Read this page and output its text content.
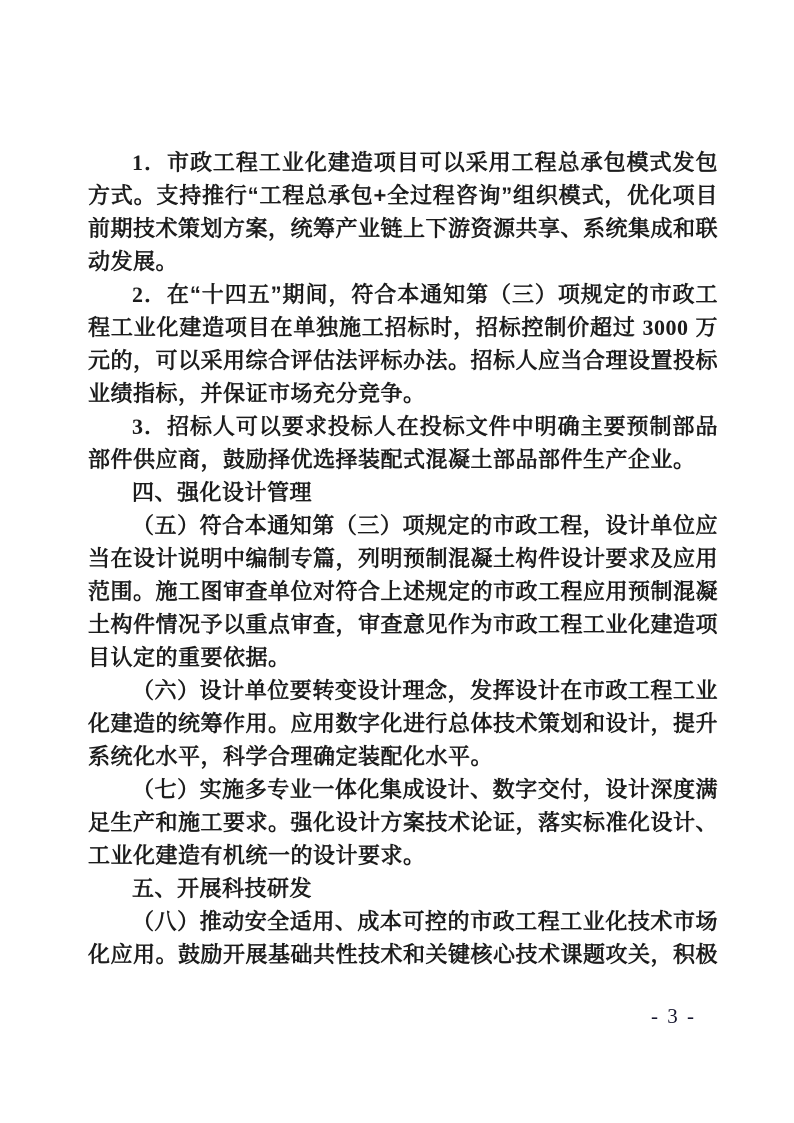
1．市政工程工业化建造项目可以采用工程总承包模式发包方式。支持推行“工程总承包+全过程咨询”组织模式，优化项目前期技术策划方案，统筹产业链上下游资源共享、系统集成和联动发展。

2．在“十四五”期间，符合本通知第（三）项规定的市政工程工业化建造项目在单独施工招标时，招标控制价超过 3000 万元的，可以采用综合评估法评标办法。招标人应当合理设置投标业绩指标，并保证市场充分竞争。

3．招标人可以要求投标人在投标文件中明确主要预制部品部件供应商，鼓励择优选择装配式混凝土部品部件生产企业。

四、强化设计管理

（五）符合本通知第（三）项规定的市政工程，设计单位应当在设计说明中编制专篇，列明预制混凝土构件设计要求及应用范围。施工图审查单位对符合上述规定的市政工程应用预制混凝土构件情况予以重点审查，审查意见作为市政工程工业化建造项目认定的重要依据。

（六）设计单位要转变设计理念，发挥设计在市政工程工业化建造的统筹作用。应用数字化进行总体技术策划和设计，提升系统化水平，科学合理确定装配化水平。

（七）实施多专业一体化集成设计、数字交付，设计深度满足生产和施工要求。强化设计方案技术论证，落实标准化设计、工业化建造有机统一的设计要求。

五、开展科技研发

（八）推动安全适用、成本可控的市政工程工业化技术市场化应用。鼓励开展基础共性技术和关键核心技术课题攻关，积极

- 3 -
